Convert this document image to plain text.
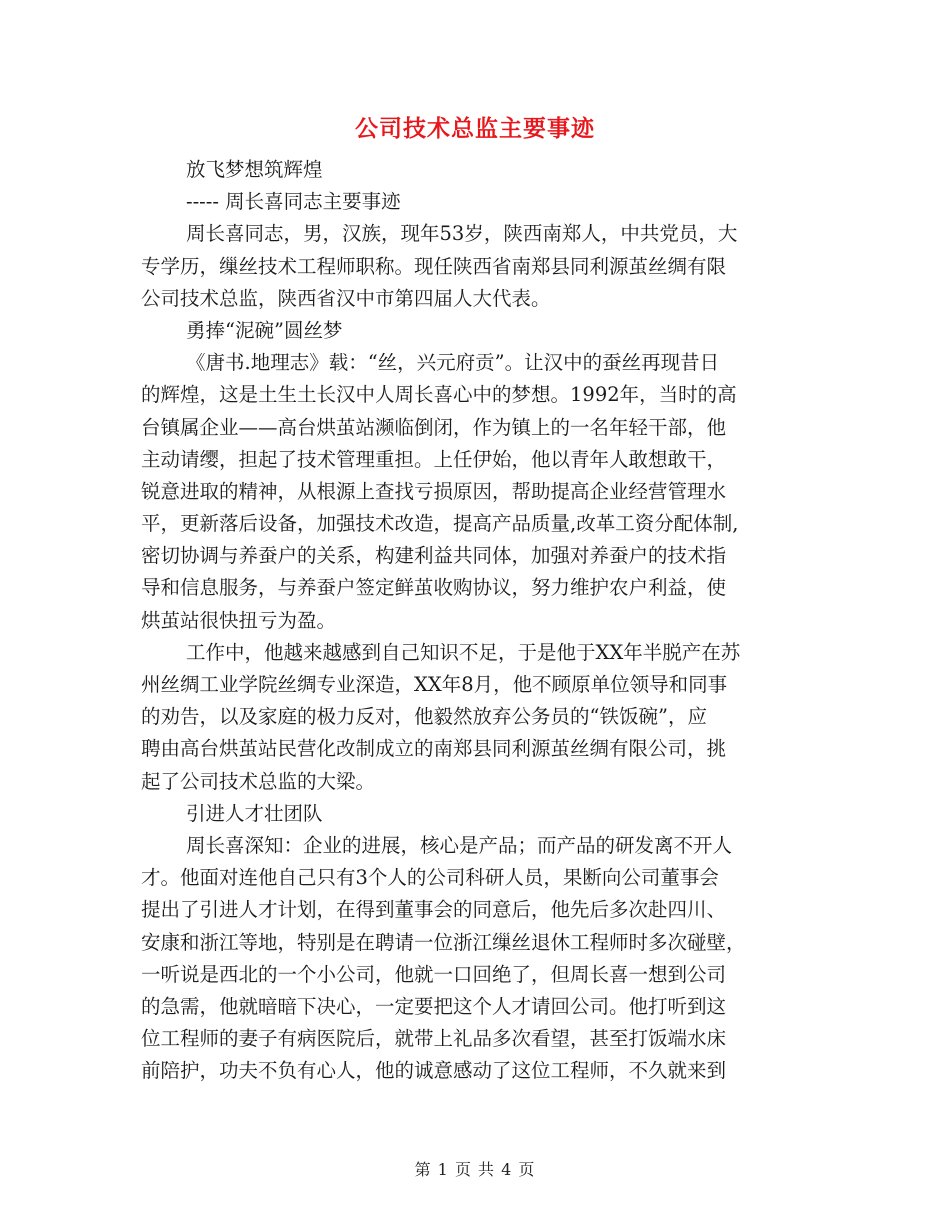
公司技术总监主要事迹
放飞梦想筑辉煌
----- 周长喜同志主要事迹
周长喜同志，男，汉族，现年53岁，陕西南郑人，中共党员，大
专学历，缫丝技术工程师职称。现任陕西省南郑县同利源茧丝绸有限
公司技术总监，陕西省汉中市第四届人大代表。
勇捧“泥碗”圆丝梦
《唐书.地理志》载：“丝，兴元府贡”。让汉中的蚕丝再现昔日
的辉煌，这是土生土长汉中人周长喜心中的梦想。1992年，当时的高
台镇属企业——高台烘茧站濒临倒闭，作为镇上的一名年轻干部，他
主动请缨，担起了技术管理重担。上任伊始，他以青年人敢想敢干，
锐意进取的精神，从根源上查找亏损原因，帮助提高企业经营管理水
平，更新落后设备，加强技术改造，提高产品质量,改革工资分配体制,
密切协调与养蚕户的关系，构建利益共同体，加强对养蚕户的技术指
导和信息服务，与养蚕户签定鲜茧收购协议，努力维护农户利益，使
烘茧站很快扭亏为盈。
工作中，他越来越感到自己知识不足，于是他于XX年半脱产在苏
州丝绸工业学院丝绸专业深造，XX年8月，他不顾原单位领导和同事
的劝告，以及家庭的极力反对，他毅然放弃公务员的“铁饭碗”，应
聘由高台烘茧站民营化改制成立的南郑县同利源茧丝绸有限公司，挑
起了公司技术总监的大梁。
引进人才壮团队
周长喜深知：企业的进展，核心是产品；而产品的研发离不开人
才。他面对连他自己只有3个人的公司科研人员，果断向公司董事会
提出了引进人才计划，在得到董事会的同意后，他先后多次赴四川、
安康和浙江等地，特别是在聘请一位浙江缫丝退休工程师时多次碰壁，
一听说是西北的一个小公司，他就一口回绝了，但周长喜一想到公司
的急需，他就暗暗下决心，一定要把这个人才请回公司。他打听到这
位工程师的妻子有病医院后，就带上礼品多次看望，甚至打饭端水床
前陪护，功夫不负有心人，他的诚意感动了这位工程师，不久就来到
第 1 页 共 4 页
